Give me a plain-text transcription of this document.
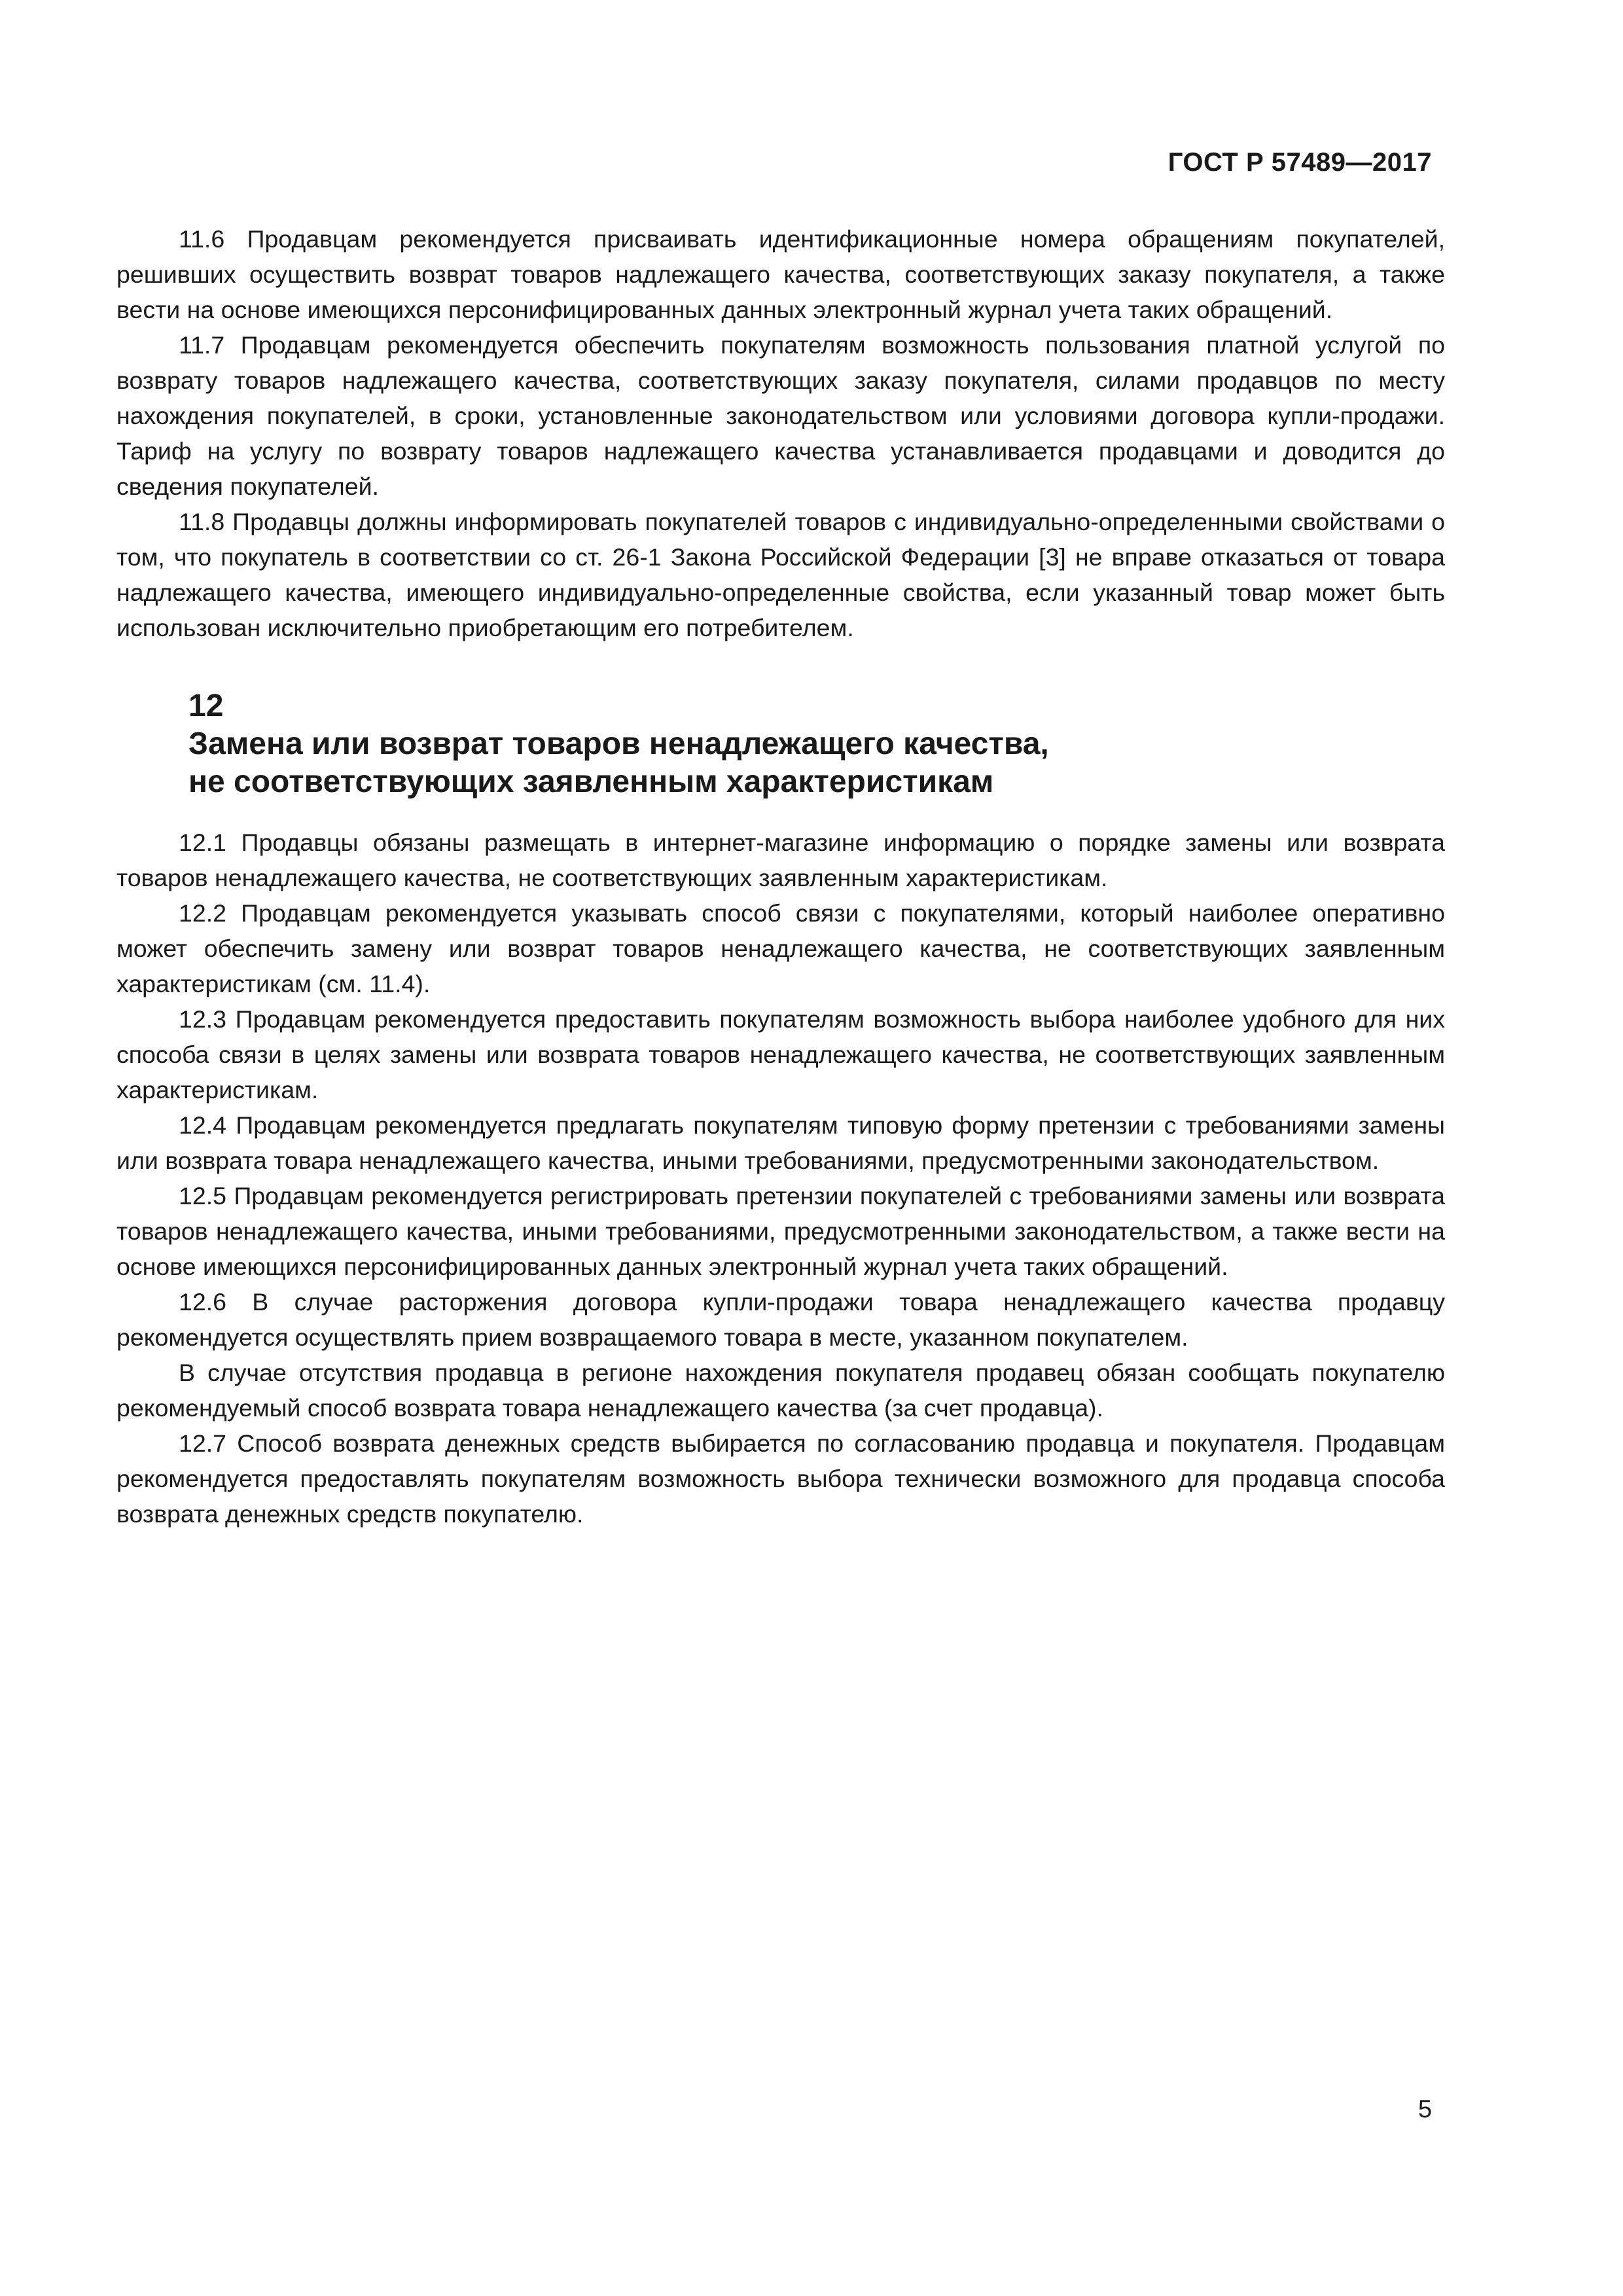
ГОСТ Р 57489—2017

11.6 Продавцам рекомендуется присваивать идентификационные номера обращениям покупателей, решивших осуществить возврат товаров надлежащего качества, соответствующих заказу покупателя, а также вести на основе имеющихся персонифицированных данных электронный журнал учета таких обращений.

11.7 Продавцам рекомендуется обеспечить покупателям возможность пользования платной услугой по возврату товаров надлежащего качества, соответствующих заказу покупателя, силами продавцов по месту нахождения покупателей, в сроки, установленные законодательством или условиями договора купли-продажи. Тариф на услугу по возврату товаров надлежащего качества устанавливается продавцами и доводится до сведения покупателей.

11.8 Продавцы должны информировать покупателей товаров с индивидуально-определенными свойствами о том, что покупатель в соответствии со ст. 26-1 Закона Российской Федерации [3] не вправе отказаться от товара надлежащего качества, имеющего индивидуально-определенные свойства, если указанный товар может быть использован исключительно приобретающим его потребителем.

12
Замена или возврат товаров ненадлежащего качества,
не соответствующих заявленным характеристикам

12.1 Продавцы обязаны размещать в интернет-магазине информацию о порядке замены или возврата товаров ненадлежащего качества, не соответствующих заявленным характеристикам.

12.2 Продавцам рекомендуется указывать способ связи с покупателями, который наиболее оперативно может обеспечить замену или возврат товаров ненадлежащего качества, не соответствующих заявленным характеристикам (см. 11.4).

12.3 Продавцам рекомендуется предоставить покупателям возможность выбора наиболее удобного для них способа связи в целях замены или возврата товаров ненадлежащего качества, не соответствующих заявленным характеристикам.

12.4 Продавцам рекомендуется предлагать покупателям типовую форму претензии с требованиями замены или возврата товара ненадлежащего качества, иными требованиями, предусмотренными законодательством.

12.5 Продавцам рекомендуется регистрировать претензии покупателей с требованиями замены или возврата товаров ненадлежащего качества, иными требованиями, предусмотренными законодательством, а также вести на основе имеющихся персонифицированных данных электронный журнал учета таких обращений.

12.6 В случае расторжения договора купли-продажи товара ненадлежащего качества продавцу рекомендуется осуществлять прием возвращаемого товара в месте, указанном покупателем.

В случае отсутствия продавца в регионе нахождения покупателя продавец обязан сообщать покупателю рекомендуемый способ возврата товара ненадлежащего качества (за счет продавца).

12.7 Способ возврата денежных средств выбирается по согласованию продавца и покупателя. Продавцам рекомендуется предоставлять покупателям возможность выбора технически возможного для продавца способа возврата денежных средств покупателю.

5
